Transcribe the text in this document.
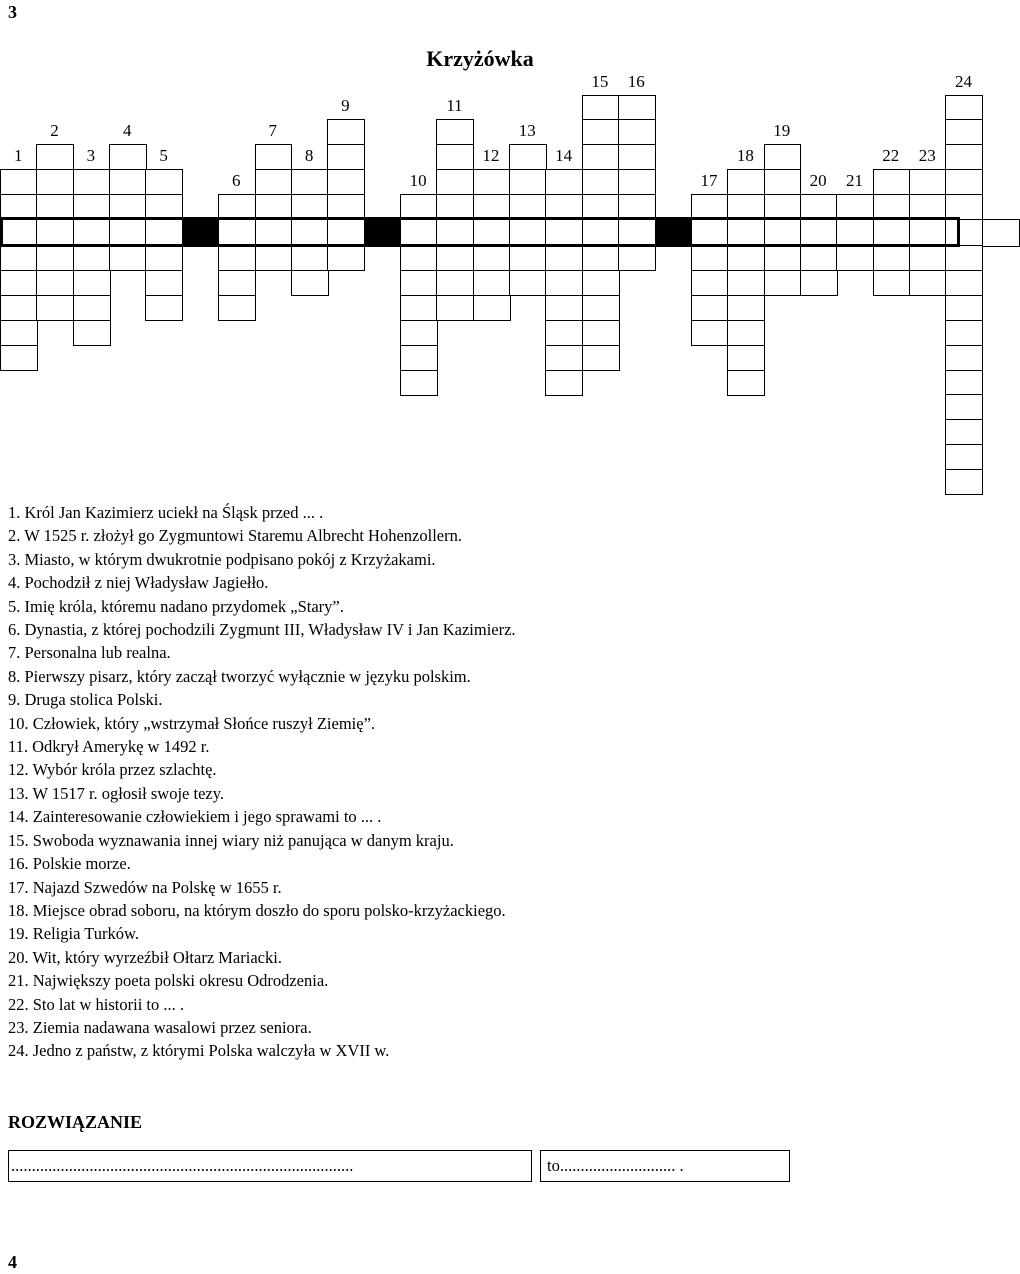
3
Krzyżówka
1
2
3
4
5
6
7
8
9
10
11
12
13
14
15 16
17
18
19
20 21
22 23
24
1. Król Jan Kazimierz uciekł na Śląsk przed ... .
2. W 1525 r. złożył go Zygmuntowi Staremu Albrecht Hohenzollern.
3. Miasto, w którym dwukrotnie podpisano pokój z Krzyżakami.
4. Pochodził z niej Władysław Jagiełło.
5. Imię króla, któremu nadano przydomek „Stary”.
6. Dynastia, z której pochodzili Zygmunt III, Władysław IV i Jan Kazimierz.
7. Personalna lub realna.
8. Pierwszy pisarz, który zaczął tworzyć wyłącznie w języku polskim.
9. Druga stolica Polski.
10. Człowiek, który „wstrzymał Słońce ruszył Ziemię”.
11. Odkrył Amerykę w 1492 r.
12. Wybór króla przez szlachtę.
13. W 1517 r. ogłosił swoje tezy.
14. Zainteresowanie człowiekiem i jego sprawami to ... .
15. Swoboda wyznawania innej wiary niż panująca w danym kraju.
16. Polskie morze.
17. Najazd Szwedów na Polskę w 1655 r.
18. Miejsce obrad soboru, na którym doszło do sporu polsko-krzyżackiego.
19. Religia Turków.
20. Wit, który wyrzeźbił Ołtarz Mariacki.
21. Największy poeta polski okresu Odrodzenia.
22. Sto lat w historii to ... .
23. Ziemia nadawana wasalowi przez seniora.
24. Jedno z państw, z którymi Polska walczyła w XVII w.
ROZWIĄZANIE
...................................................................................	to............................ .
4
